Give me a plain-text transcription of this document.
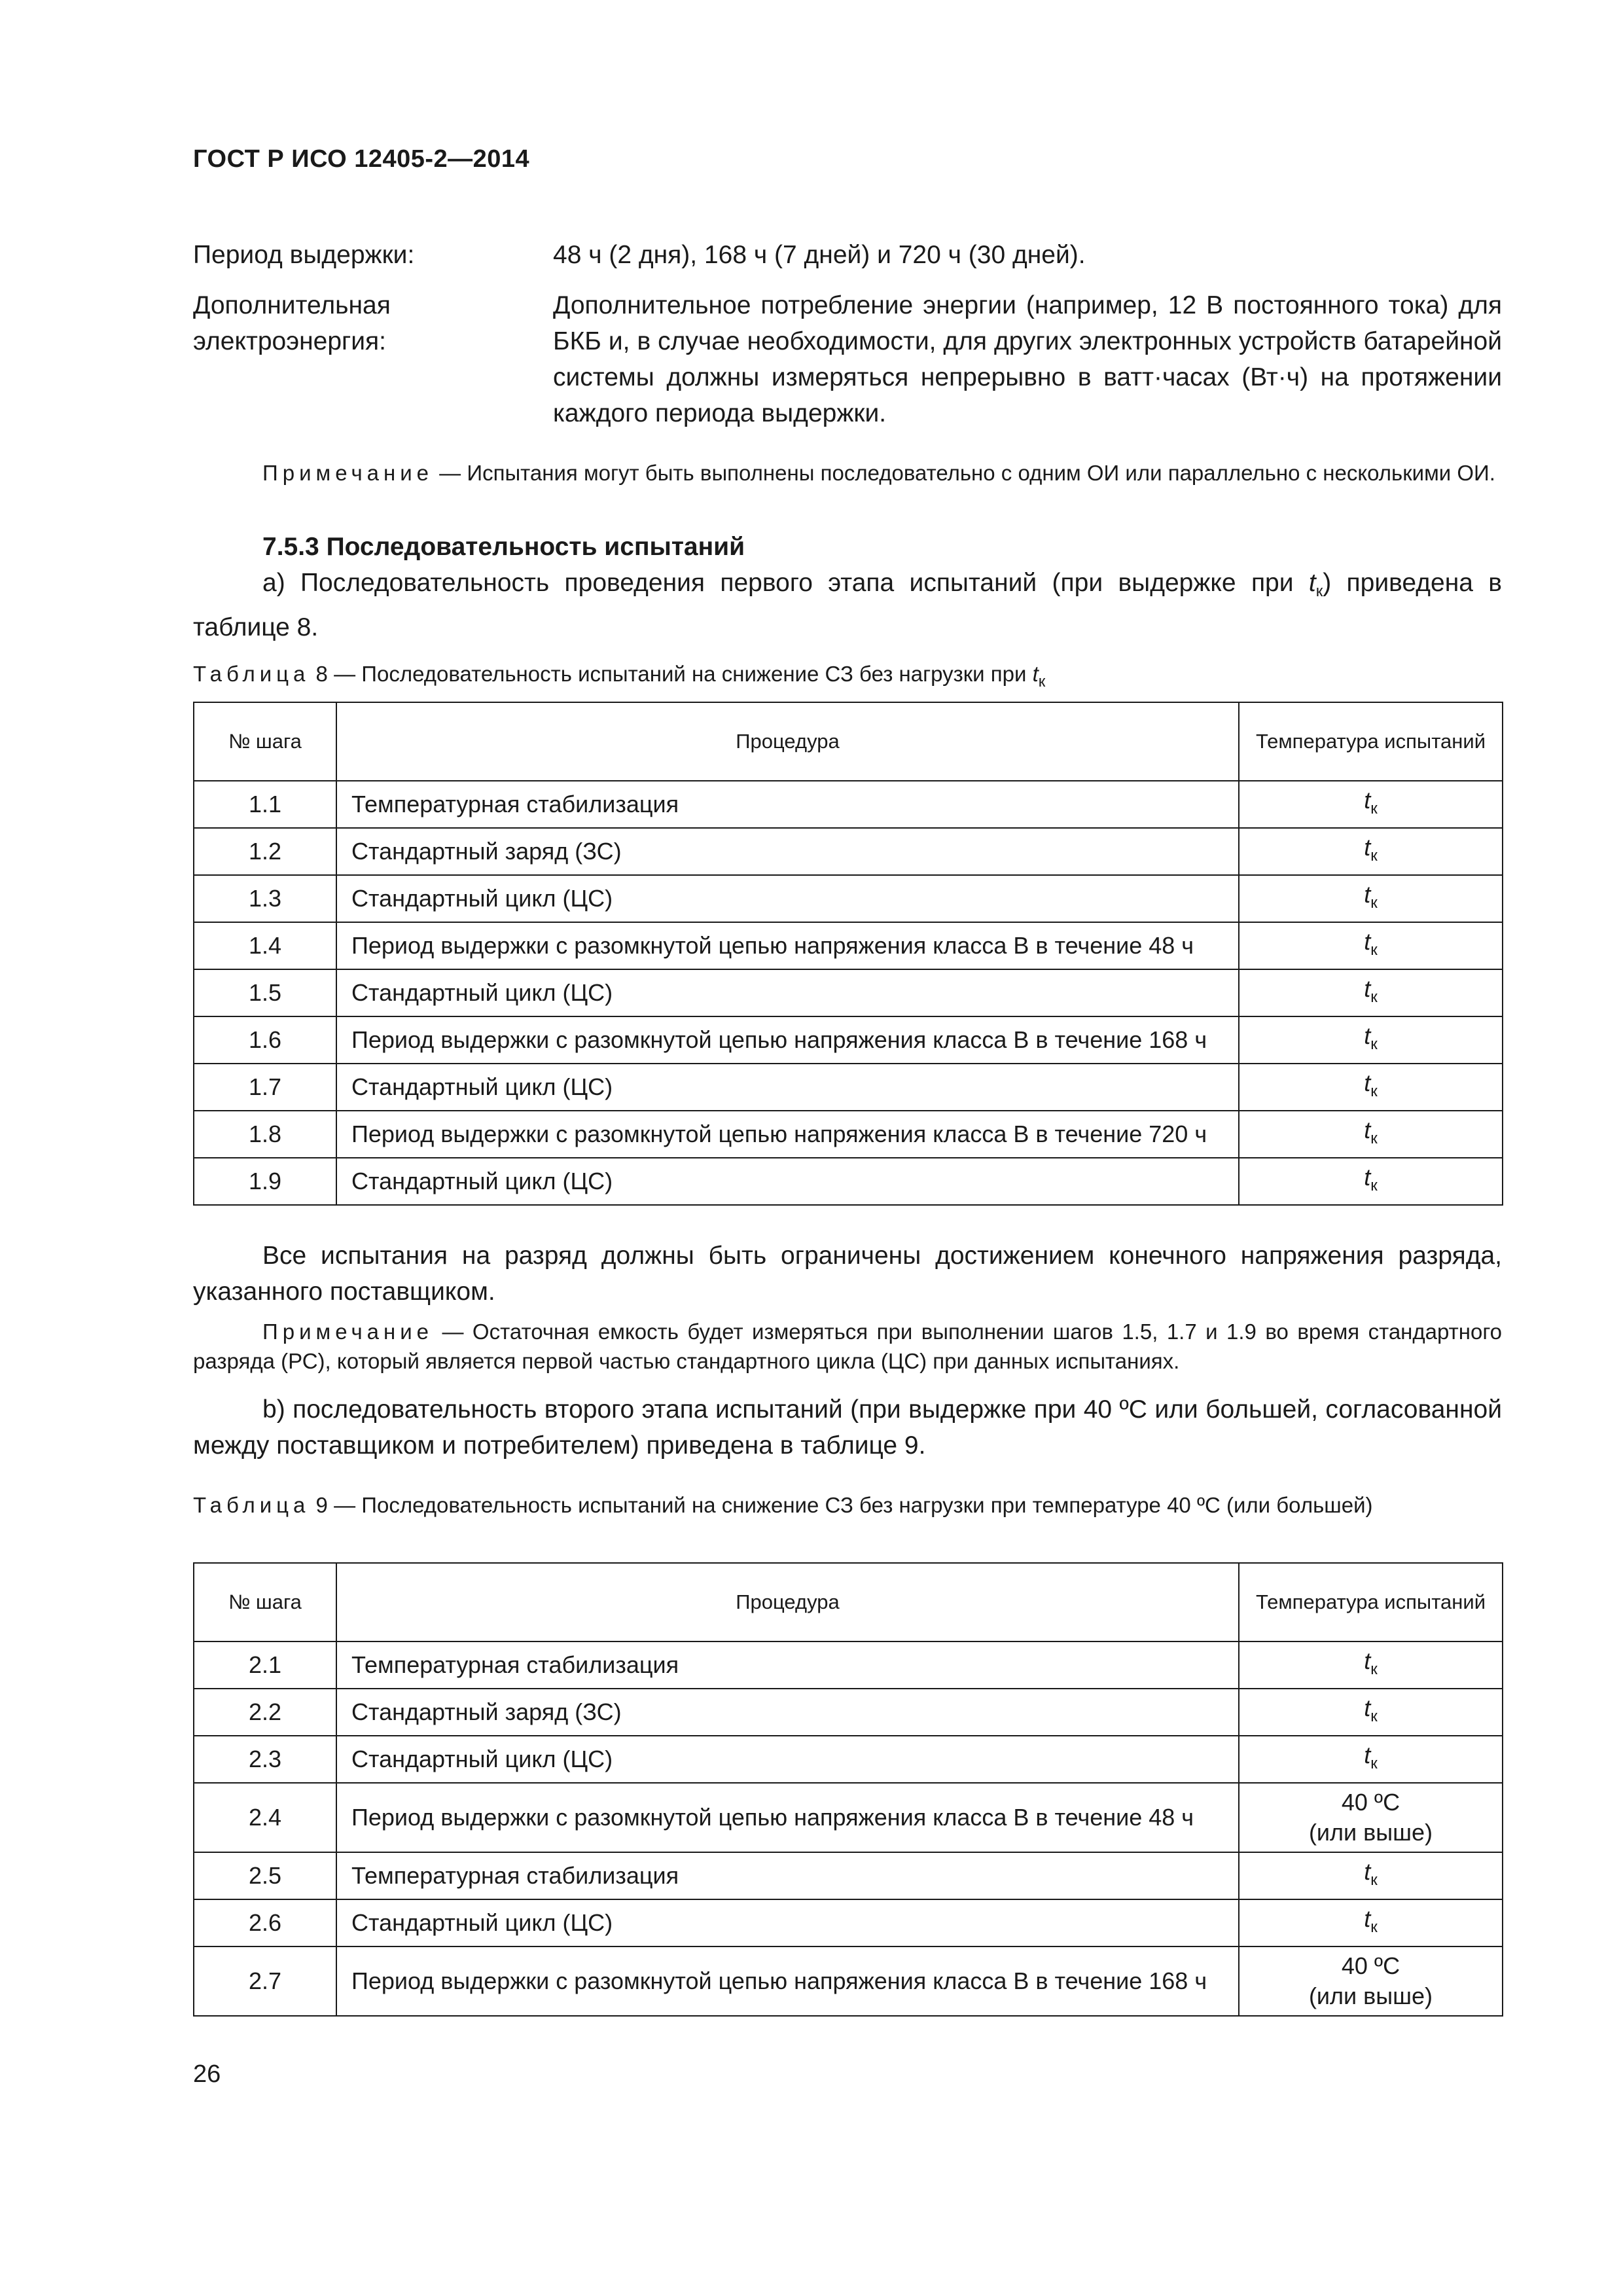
ГОСТ Р ИСО 12405-2—2014
Период выдержки:	48 ч (2 дня), 168 ч (7 дней) и 720 ч (30 дней).
Дополнительная
электроэнергия:
Дополнительное потребление энергии (например, 12 В постоянного тока) для БКБ и, в случае необходимости, для других электронных устройств батарейной системы должны измеряться непрерывно в ватт·часах (Вт·ч) на протяжении каждого периода выдержки.
Примечание — Испытания могут быть выполнены последовательно с одним ОИ или параллельно с несколькими ОИ.
7.5.3 Последовательность испытаний
а) Последовательность проведения первого этапа испытаний (при выдержке при $t_к$) приведена в таблице 8.
Таблица 8 — Последовательность испытаний на снижение СЗ без нагрузки при $t_к$
№ шага	Процедура	Температура испытаний
1.1	Температурная стабилизация	$t_к$
1.2	Стандартный заряд (ЗС)	$t_к$
1.3	Стандартный цикл (ЦС)	$t_к$
1.4	Период выдержки с разомкнутой цепью напряжения класса В в течение 48 ч	$t_к$
1.5	Стандартный цикл (ЦС)	$t_к$
1.6	Период выдержки с разомкнутой цепью напряжения класса В в течение 168 ч	$t_к$
1.7	Стандартный цикл (ЦС)	$t_к$
1.8	Период выдержки с разомкнутой цепью напряжения класса В в течение 720 ч	$t_к$
1.9	Стандартный цикл (ЦС)	$t_к$
Все испытания на разряд должны быть ограничены достижением конечного напряжения разряда, указанного поставщиком.
Примечание — Остаточная емкость будет измеряться при выполнении шагов 1.5, 1.7 и 1.9 во время стандартного разряда (РС), который является первой частью стандартного цикла (ЦС) при данных испытаниях.
b) последовательность второго этапа испытаний (при выдержке при 40 ºС или большей, согласованной между поставщиком и потребителем) приведена в таблице 9.
Таблица 9 — Последовательность испытаний на снижение СЗ без нагрузки при температуре 40 ºС (или большей)
№ шага	Процедура	Температура испытаний
2.1	Температурная стабилизация	$t_к$
2.2	Стандартный заряд (ЗС)	$t_к$
2.3	Стандартный цикл (ЦС)	$t_к$
2.4	Период выдержки с разомкнутой цепью напряжения класса В в течение 48 ч	40 ºС
(или выше)
2.5	Температурная стабилизация	$t_к$
2.6	Стандартный цикл (ЦС)	$t_к$
2.7	Период выдержки с разомкнутой цепью напряжения класса В в течение 168 ч	40 ºС
(или выше)
26
